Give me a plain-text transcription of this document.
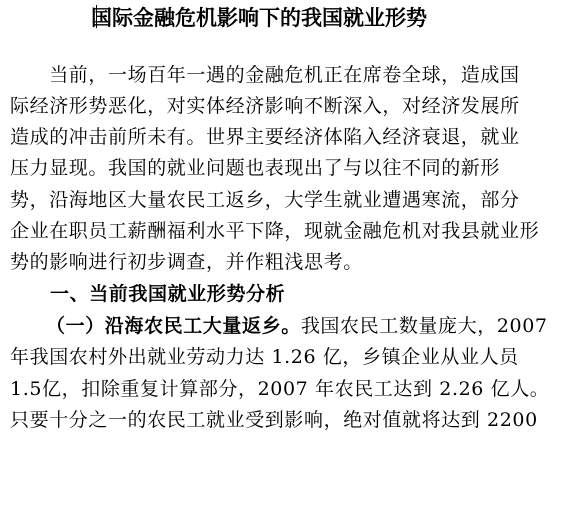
国际金融危机影响下的我国就业形势

　　当前，一场百年一遇的金融危机正在席卷全球，造成国

际经济形势恶化，对实体经济影响不断深入，对经济发展所

造成的冲击前所未有。世界主要经济体陷入经济衰退，就业

压力显现。我国的就业问题也表现出了与以往不同的新形

势，沿海地区大量农民工返乡，大学生就业遭遇寒流，部分

企业在职员工薪酬福利水平下降，现就金融危机对我县就业形

势的影响进行初步调查，并作粗浅思考。

一、当前我国就业形势分析

（一）沿海农民工大量返乡。我国农民工数量庞大，2007

年我国农村外出就业劳动力达 1.26 亿，乡镇企业从业人员

1.5亿，扣除重复计算部分，2007 年农民工达到 2.26 亿人。

只要十分之一的农民工就业受到影响，绝对值就将达到 2200
